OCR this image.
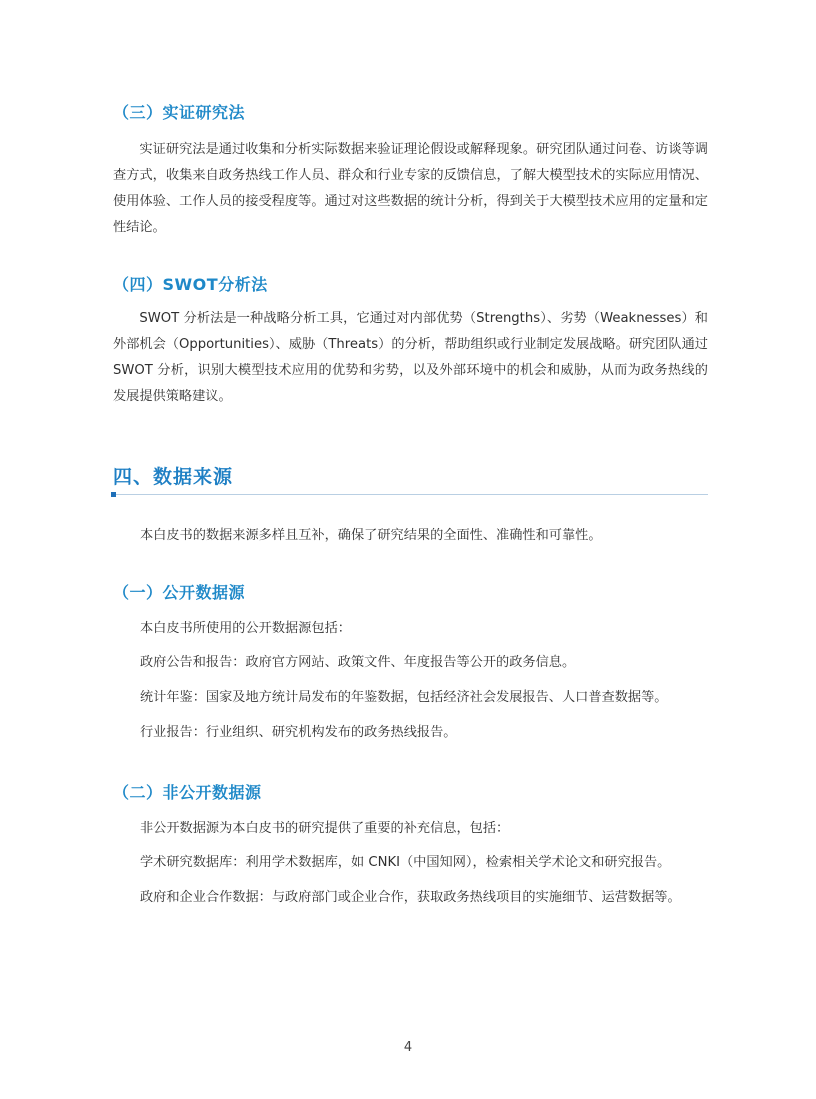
（三）实证研究法
实证研究法是通过收集和分析实际数据来验证理论假设或解释现象。研究团队通过问卷、访谈等调查方式，收集来自政务热线工作人员、群众和行业专家的反馈信息，了解大模型技术的实际应用情况、使用体验、工作人员的接受程度等。通过对这些数据的统计分析，得到关于大模型技术应用的定量和定性结论。
（四）SWOT分析法
SWOT 分析法是一种战略分析工具，它通过对内部优势（Strengths）、劣势（Weaknesses）和外部机会（Opportunities）、威胁（Threats）的分析，帮助组织或行业制定发展战略。研究团队通过 SWOT 分析，识别大模型技术应用的优势和劣势，以及外部环境中的机会和威胁，从而为政务热线的发展提供策略建议。
四、数据来源
本白皮书的数据来源多样且互补，确保了研究结果的全面性、准确性和可靠性。
（一）公开数据源
本白皮书所使用的公开数据源包括：
政府公告和报告：政府官方网站、政策文件、年度报告等公开的政务信息。
统计年鉴：国家及地方统计局发布的年鉴数据，包括经济社会发展报告、人口普查数据等。
行业报告：行业组织、研究机构发布的政务热线报告。
（二）非公开数据源
非公开数据源为本白皮书的研究提供了重要的补充信息，包括：
学术研究数据库：利用学术数据库，如 CNKI（中国知网），检索相关学术论文和研究报告。
政府和企业合作数据：与政府部门或企业合作，获取政务热线项目的实施细节、运营数据等。
4
